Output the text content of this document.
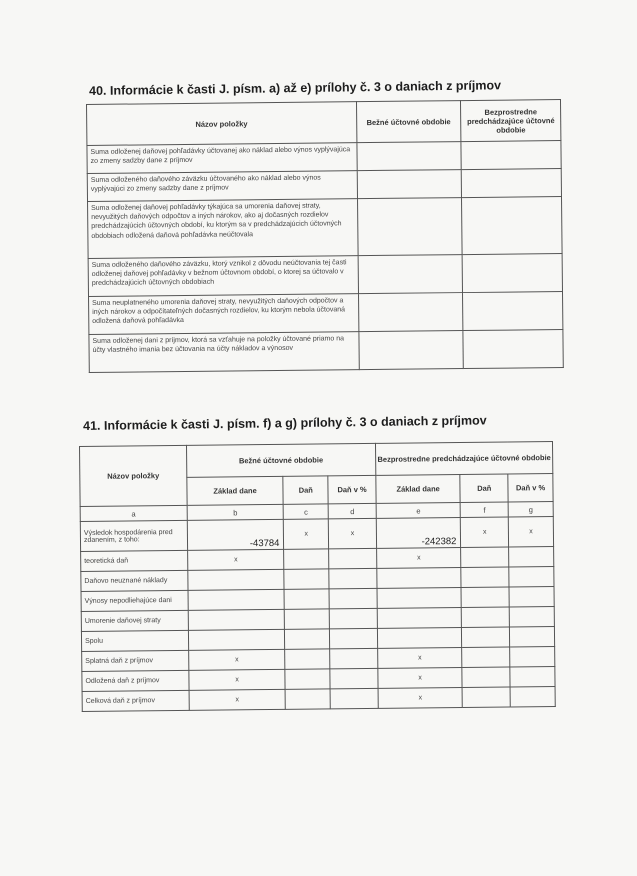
40. Informácie k časti J. písm. a) až e) prílohy č. 3 o daniach z príjmov
Názov položky	Bežné účtovné obdobie	Bezprostredne predchádzajúce účtovné obdobie
Suma odloženej daňovej pohľadávky účtovanej ako náklad alebo výnos vyplývajúca zo zmeny sadzby dane z príjmov		
Suma odloženého daňového záväzku účtovaného ako náklad alebo výnos vyplývajúci zo zmeny sadzby dane z príjmov		
Suma odloženej daňovej pohľadávky týkajúca sa umorenia daňovej straty, nevyužitých daňových odpočtov a iných nárokov, ako aj dočasných rozdielov predchádzajúcich účtovných období, ku ktorým sa v predchádzajúcich účtovných obdobiach odložená daňová pohľadávka neúčtovala		
Suma odloženého daňového záväzku, ktorý vznikol z dôvodu neúčtovania tej časti odloženej daňovej pohľadávky v bežnom účtovnom období, o ktorej sa účtovalo v predchádzajúcich účtovných obdobiach		
Suma neuplatneného umorenia daňovej straty, nevyužitých daňových odpočtov a iných nárokov a odpočítateľných dočasných rozdielov, ku ktorým nebola účtovaná odložená daňová pohľadávka		
Suma odloženej dani z príjmov, ktorá sa vzťahuje na položky účtované priamo na účty vlastného imania bez účtovania na účty nákladov a výnosov		
41. Informácie k časti J. písm. f) a g) prílohy č. 3 o daniach z príjmov
Názov položky	Bežné účtovné obdobie			Bezprostredne predchádzajúce účtovné obdobie		
	Základ dane	Daň	Daň v %	Základ dane	Daň	Daň v %
a	b	c	d	e	f	g
Výsledok hospodárenia pred zdanením, z toho:	-43784	x	x	-242382	x	x
teoretická daň	x			x		
Daňovo neuznané náklady						
Výnosy nepodliehajúce dani						
Umorenie daňovej straty						
Spolu						
Splatná daň z príjmov	x			x		
Odložená daň z príjmov	x			x		
Celková daň z príjmov	x			x		
